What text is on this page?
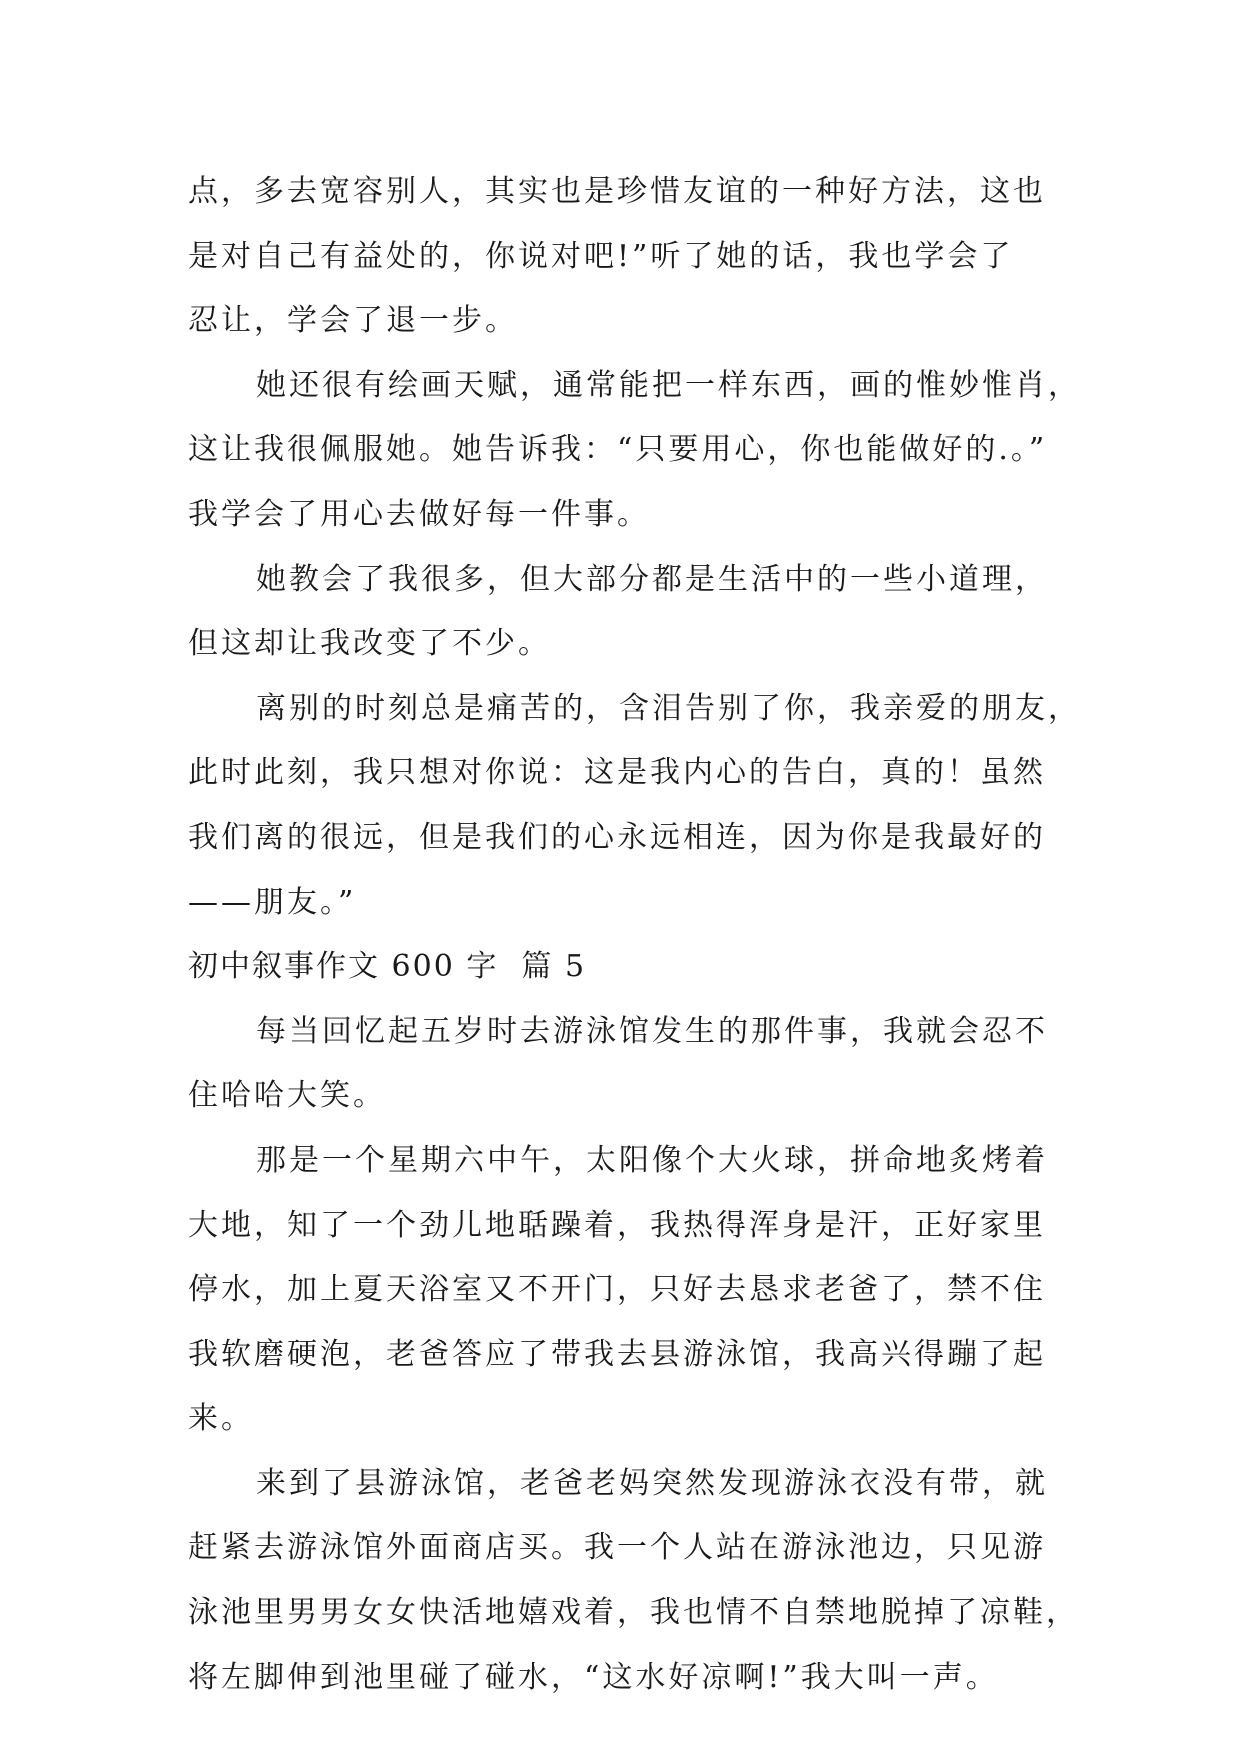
点，多去宽容别人，其实也是珍惜友谊的一种好方法，这也
是对自己有益处的，你说对吧!”听了她的话，我也学会了
忍让，学会了退一步。
她还很有绘画天赋，通常能把一样东西，画的惟妙惟肖，
这让我很佩服她。她告诉我：“只要用心，你也能做好的.。”
我学会了用心去做好每一件事。
她教会了我很多，但大部分都是生活中的一些小道理，
但这却让我改变了不少。
离别的时刻总是痛苦的，含泪告别了你，我亲爱的朋友，
此时此刻，我只想对你说：这是我内心的告白，真的！虽然
我们离的很远，但是我们的心永远相连，因为你是我最好的
——朋友。”
初中叙事作文 600 字  篇 5
每当回忆起五岁时去游泳馆发生的那件事，我就会忍不
住哈哈大笑。
那是一个星期六中午，太阳像个大火球，拼命地炙烤着
大地，知了一个劲儿地聒躁着，我热得浑身是汗，正好家里
停水，加上夏天浴室又不开门，只好去恳求老爸了，禁不住
我软磨硬泡，老爸答应了带我去县游泳馆，我高兴得蹦了起
来。
来到了县游泳馆，老爸老妈突然发现游泳衣没有带，就
赶紧去游泳馆外面商店买。我一个人站在游泳池边，只见游
泳池里男男女女快活地嬉戏着，我也情不自禁地脱掉了凉鞋，
将左脚伸到池里碰了碰水，“这水好凉啊!”我大叫一声。
